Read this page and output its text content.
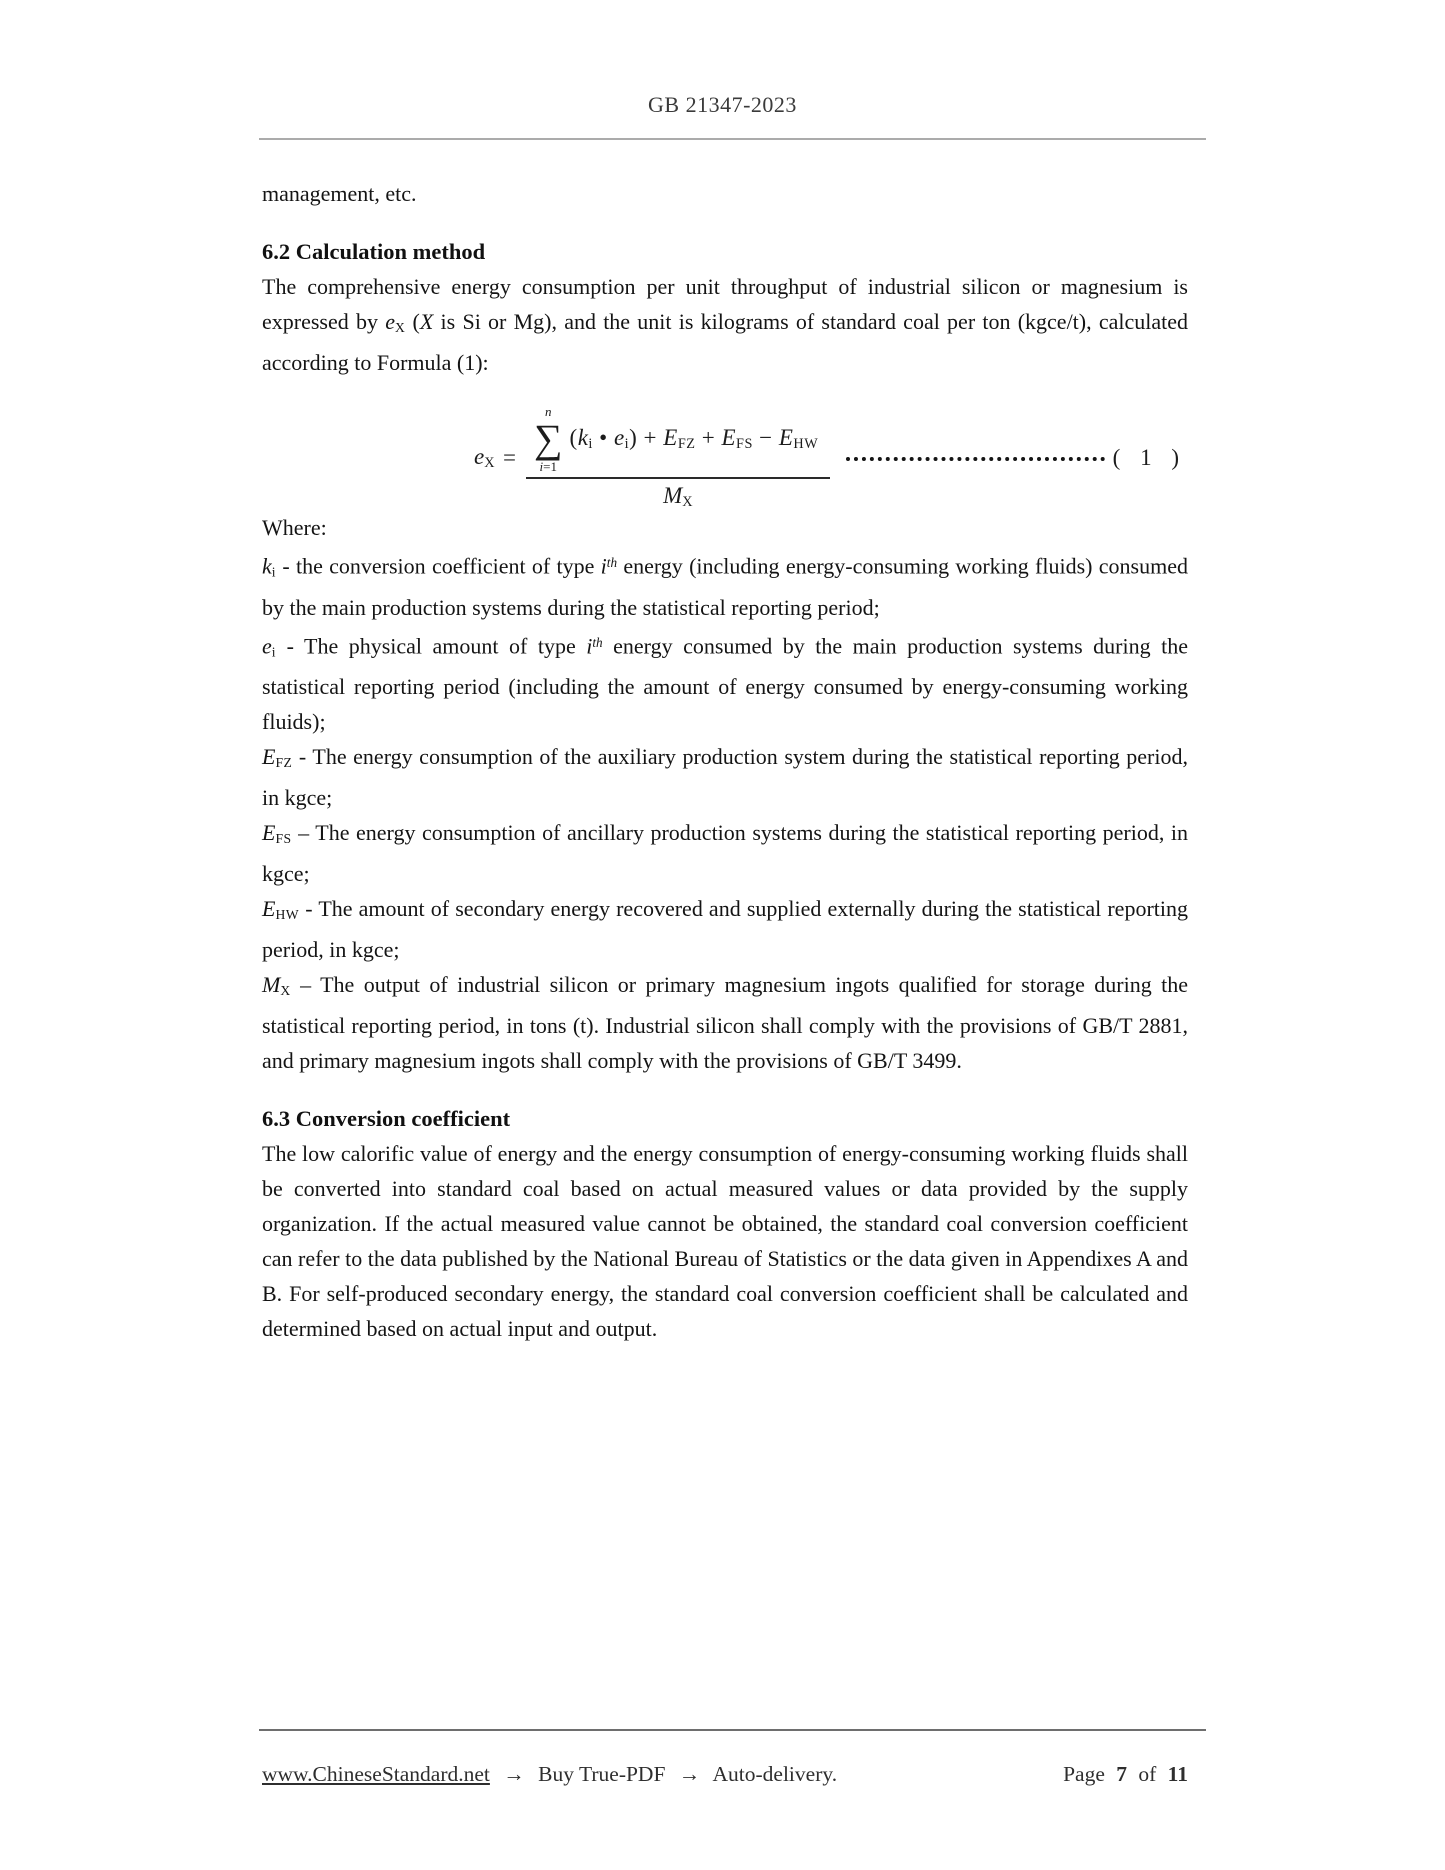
GB 21347-2023

management, etc.

6.2 Calculation method

The comprehensive energy consumption per unit throughput of industrial silicon or magnesium is expressed by eX (X is Si or Mg), and the unit is kilograms of standard coal per ton (kgce/t), calculated according to Formula (1):

eX =
n
∑
i=1
(ki • ei) + EFZ + EFS − EHW
MX
( 1 )

Where:

ki - the conversion coefficient of type $i^{th}$ energy (including energy-consuming working fluids) consumed by the main production systems during the statistical reporting period;

ei - The physical amount of type $i^{th}$ energy consumed by the main production systems during the statistical reporting period (including the amount of energy consumed by energy-consuming working fluids);

EFZ - The energy consumption of the auxiliary production system during the statistical reporting period, in kgce;

EFS – The energy consumption of ancillary production systems during the statistical reporting period, in kgce;

EHW - The amount of secondary energy recovered and supplied externally during the statistical reporting period, in kgce;

MX – The output of industrial silicon or primary magnesium ingots qualified for storage during the statistical reporting period, in tons (t). Industrial silicon shall comply with the provisions of GB/T 2881, and primary magnesium ingots shall comply with the provisions of GB/T 3499.

6.3 Conversion coefficient

The low calorific value of energy and the energy consumption of energy-consuming working fluids shall be converted into standard coal based on actual measured values or data provided by the supply organization. If the actual measured value cannot be obtained, the standard coal conversion coefficient can refer to the data published by the National Bureau of Statistics or the data given in Appendixes A and B. For self-produced secondary energy, the standard coal conversion coefficient shall be calculated and determined based on actual input and output.

www.ChineseStandard.net → Buy True-PDF → Auto-delivery.	Page 7 of 11
